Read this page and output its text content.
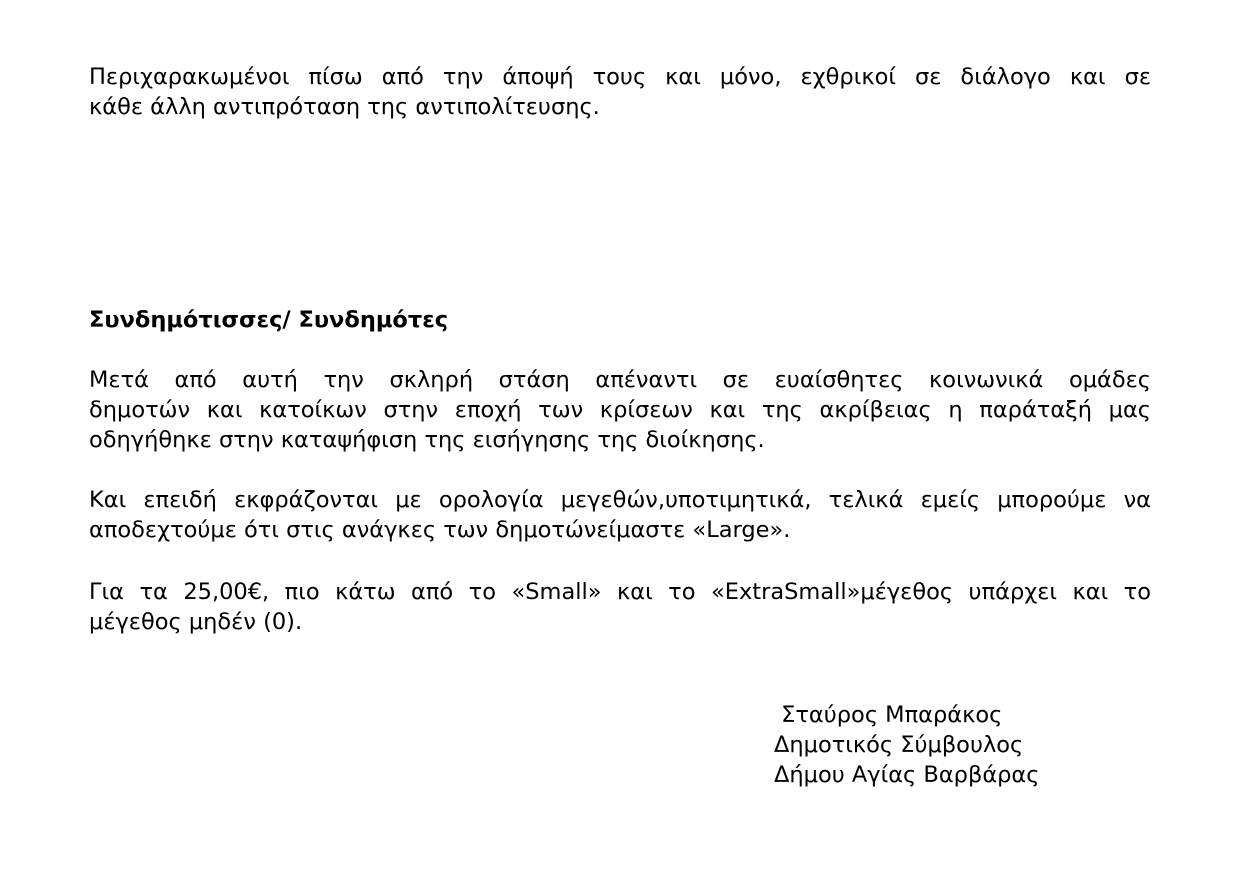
Περιχαρακωμένοι πίσω από την άποψή τους και μόνο, εχθρικοί σε διάλογο και σε
κάθε άλλη αντιπρόταση της αντιπολίτευσης.

Συνδημότισσες/ Συνδημότες

Μετά από αυτή την σκληρή στάση απέναντι σε ευαίσθητες κοινωνικά ομάδες
δημοτών και κατοίκων στην εποχή των κρίσεων και της ακρίβειας η παράταξή μας
οδηγήθηκε στην καταψήφιση της εισήγησης της διοίκησης.

Και επειδή εκφράζονται με ορολογία μεγεθών,υποτιμητικά, τελικά εμείς μπορούμε να
αποδεχτούμε ότι στις ανάγκες των δημοτώνείμαστε «Large».

Για τα 25,00€, πιο κάτω από το «Small» και το «ExtraSmall»μέγεθος υπάρχει και το
μέγεθος μηδέν (0).

Σταύρος Μπαράκος
Δημοτικός Σύμβουλος
Δήμου Αγίας Βαρβάρας
